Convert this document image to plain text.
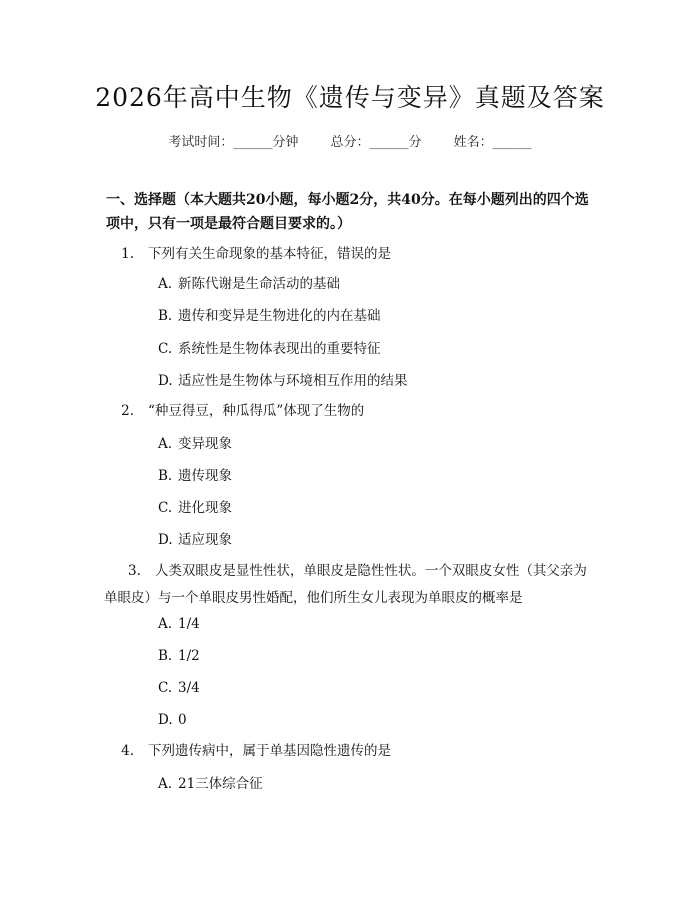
2026年高中生物《遗传与变异》真题及答案
考试时间：______分钟 总分：______分 姓名：______
一、选择题（本大题共20小题，每小题2分，共40分。在每小题列出的四个选项中，只有一项是最符合题目要求的。）
1. 下列有关生命现象的基本特征，错误的是
A. 新陈代谢是生命活动的基础
B. 遗传和变异是生物进化的内在基础
C. 系统性是生物体表现出的重要特征
D. 适应性是生物体与环境相互作用的结果
2. “种豆得豆，种瓜得瓜”体现了生物的
A. 变异现象
B. 遗传现象
C. 进化现象
D. 适应现象
3. 人类双眼皮是显性性状，单眼皮是隐性性状。一个双眼皮女性（其父亲为单眼皮）与一个单眼皮男性婚配，他们所生女儿表现为单眼皮的概率是
A. 1/4
B. 1/2
C. 3/4
D. 0
4. 下列遗传病中，属于单基因隐性遗传的是
A. 21三体综合征
